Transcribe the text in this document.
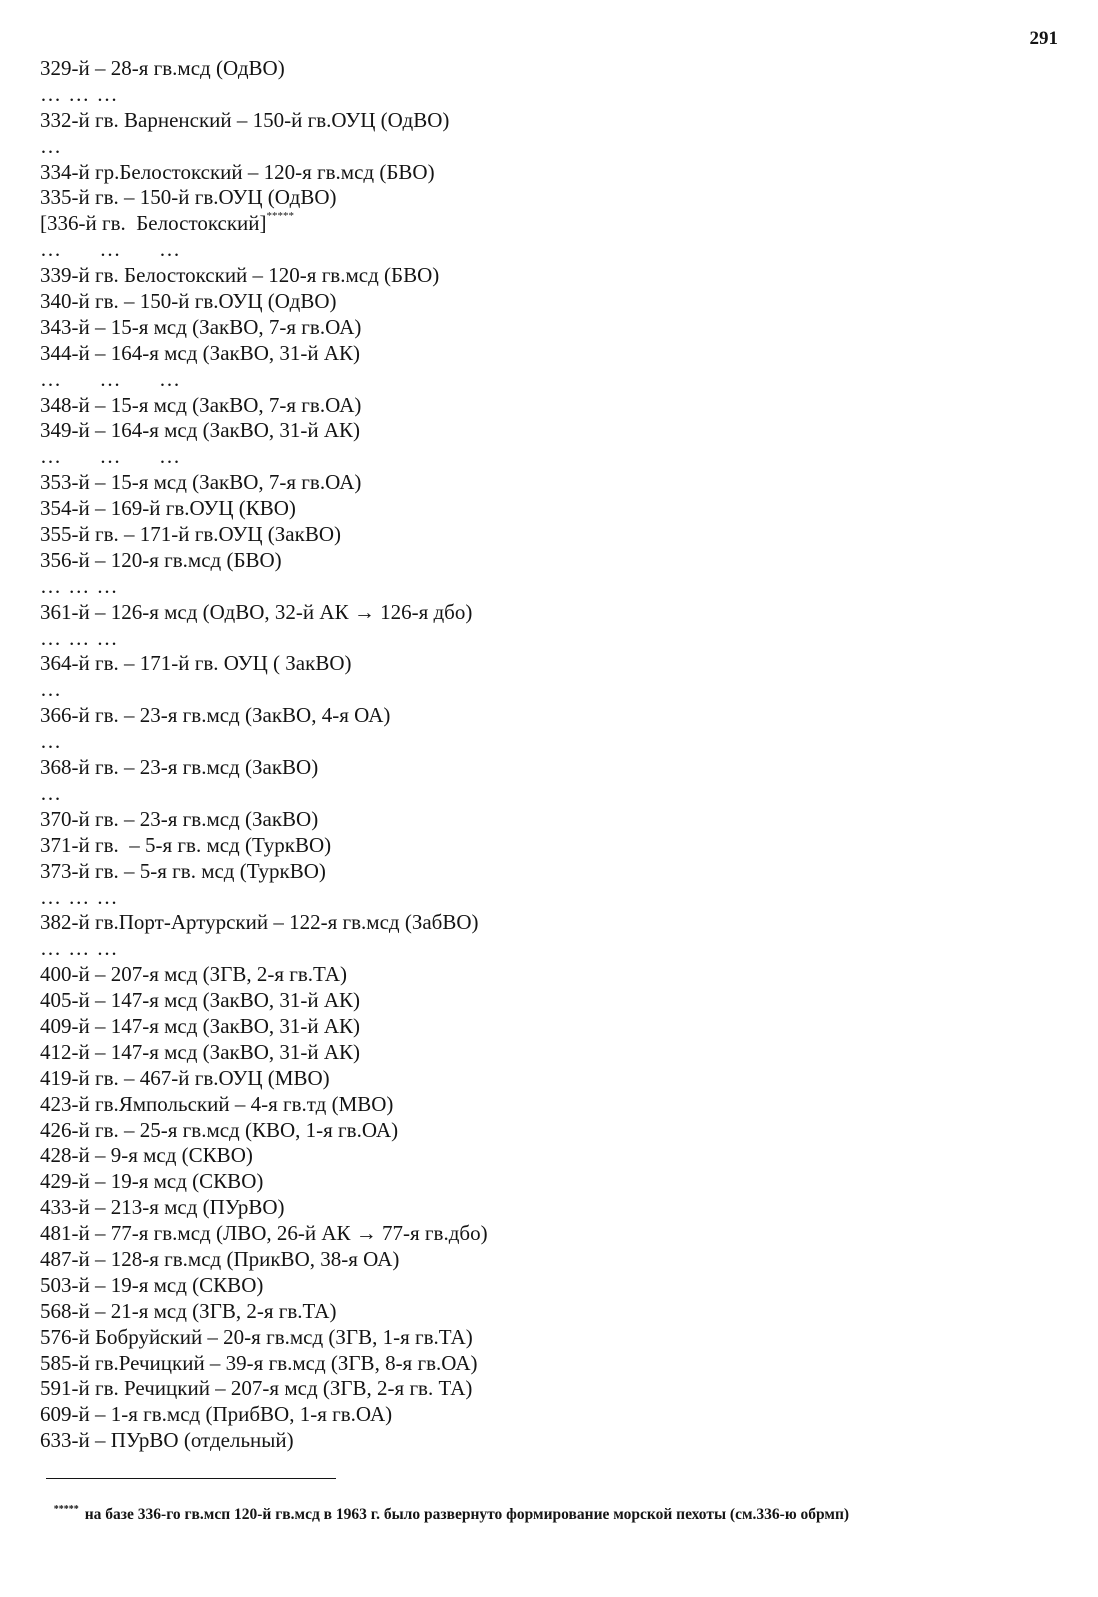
291
329-й – 28-я гв.мсд (ОдВО)
… … …
332-й гв. Варненский – 150-й гв.ОУЦ (ОдВО)
…
334-й гр.Белостокский – 120-я гв.мсд (БВО)
335-й гв. – 150-й гв.ОУЦ (ОдВО)
[336-й гв.  Белостокский]*****
…      …      …
339-й гв. Белостокский – 120-я гв.мсд (БВО)
340-й гв. – 150-й гв.ОУЦ (ОдВО)
343-й – 15-я мсд (ЗакВО, 7-я гв.ОА)
344-й – 164-я мсд (ЗакВО, 31-й АК)
…      …      …
348-й – 15-я мсд (ЗакВО, 7-я гв.ОА)
349-й – 164-я мсд (ЗакВО, 31-й АК)
…      …      …
353-й – 15-я мсд (ЗакВО, 7-я гв.ОА)
354-й – 169-й гв.ОУЦ (КВО)
355-й гв. – 171-й гв.ОУЦ (ЗакВО)
356-й – 120-я гв.мсд (БВО)
… … …
361-й – 126-я мсд (ОдВО, 32-й АК → 126-я дбо)
… … …
364-й гв. – 171-й гв. ОУЦ ( ЗакВО)
…
366-й гв. – 23-я гв.мсд (ЗакВО, 4-я ОА)
…
368-й гв. – 23-я гв.мсд (ЗакВО)
…
370-й гв. – 23-я гв.мсд (ЗакВО)
371-й гв.  – 5-я гв. мсд (ТуркВО)
373-й гв. – 5-я гв. мсд (ТуркВО)
… … …
382-й гв.Порт-Артурский – 122-я гв.мсд (ЗабВО)
… … …
400-й – 207-я мсд (ЗГВ, 2-я гв.ТА)
405-й – 147-я мсд (ЗакВО, 31-й АК)
409-й – 147-я мсд (ЗакВО, 31-й АК)
412-й – 147-я мсд (ЗакВО, 31-й АК)
419-й гв. – 467-й гв.ОУЦ (МВО)
423-й гв.Ямпольский – 4-я гв.тд (МВО)
426-й гв. – 25-я гв.мсд (КВО, 1-я гв.ОА)
428-й – 9-я мсд (СКВО)
429-й – 19-я мсд (СКВО)
433-й – 213-я мсд (ПУрВО)
481-й – 77-я гв.мсд (ЛВО, 26-й АК → 77-я гв.дбо)
487-й – 128-я гв.мсд (ПрикВО, 38-я ОА)
503-й – 19-я мсд (СКВО)
568-й – 21-я мсд (ЗГВ, 2-я гв.ТА)
576-й Бобруйский – 20-я гв.мсд (ЗГВ, 1-я гв.ТА)
585-й гв.Речицкий – 39-я гв.мсд (ЗГВ, 8-я гв.ОА)
591-й гв. Речицкий – 207-я мсд (ЗГВ, 2-я гв. ТА)
609-й – 1-я гв.мсд (ПрибВО, 1-я гв.ОА)
633-й – ПУрВО (отдельный)

***** на базе 336-го гв.мсп 120-й гв.мсд в 1963 г. было развернуто формирование морской пехоты (см.336-ю обрмп)
